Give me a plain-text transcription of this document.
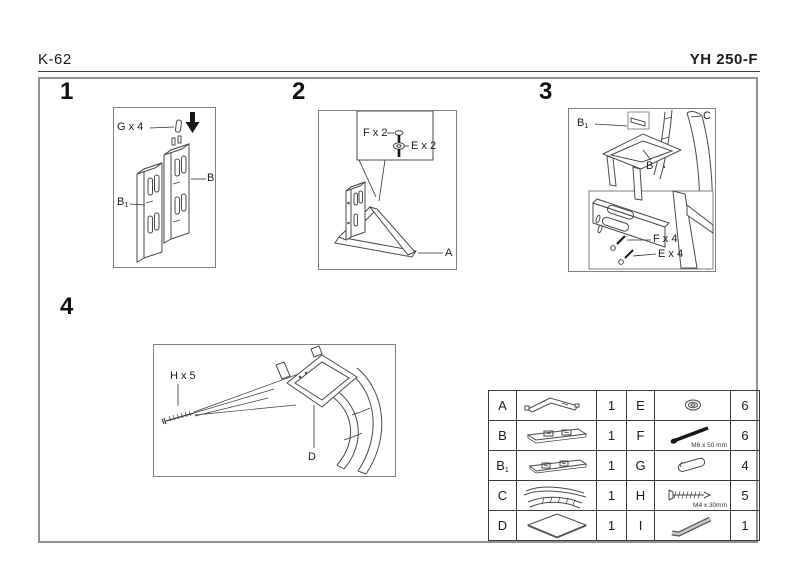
K-62	YH 250-F
1	2	3
4
G x 4
B
$B_1$
F x 2
E x 2
A
$B_1$
C
B
F x 4
E x 4
H x 5
D
A		1	E		6
B		1	F	M6 x 50 mm	6
$B_1$		1	G		4
C		1	H	M4 x 30mm	5
D		1	I		1
